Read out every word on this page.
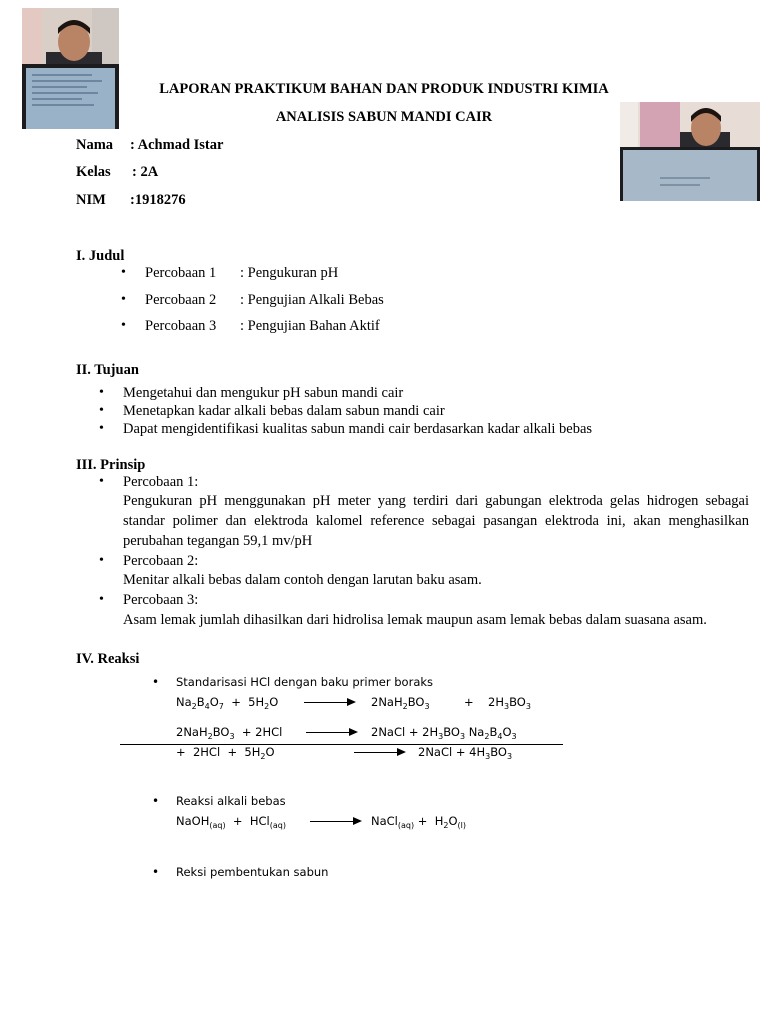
LAPORAN PRAKTIKUM BAHAN DAN PRODUK INDUSTRI KIMIA
ANALISIS SABUN MANDI CAIR
Nama : Achmad Istar
Kelas : 2A
NIM :1918276
I. Judul
• Percobaan 1 : Pengukuran pH
• Percobaan 2 : Pengujian Alkali Bebas
• Percobaan 3 : Pengujian Bahan Aktif
II. Tujuan
• Mengetahui dan mengukur pH sabun mandi cair
• Menetapkan kadar alkali bebas dalam sabun mandi cair
• Dapat mengidentifikasi kualitas sabun mandi cair berdasarkan kadar alkali bebas
III. Prinsip
• Percobaan 1:
Pengukuran pH menggunakan pH meter yang terdiri dari gabungan elektroda gelas hidrogen sebagai
standar polimer dan elektroda kalomel reference sebagai pasangan elektroda ini, akan menghasilkan
perubahan tegangan 59,1 mv/pH
• Percobaan 2:
Menitar alkali bebas dalam contoh dengan larutan baku asam.
• Percobaan 3:
Asam lemak jumlah dihasilkan dari hidrolisa lemak maupun asam lemak bebas dalam suasana asam.
IV. Reaksi
• Standarisasi HCl dengan baku primer boraks
$Na_2B_4O_7 + 5H_2O$	$2NaH_2BO_3$	+ $2H_3BO_3$
$2NaH_2BO_3 + 2HCl$	2NaCl + $2H_3BO_3$ $Na_2B_4O_3$
+  $2HCl + 5H_2O$	2NaCl + $4H_3BO_3$
• Reaksi alkali bebas
NaOH$_{(aq)}$  +  HCl$_{(aq)}$	NaCl$_{(aq)}$ +  $H_2O_{(l)}$
• Reksi pembentukan sabun
